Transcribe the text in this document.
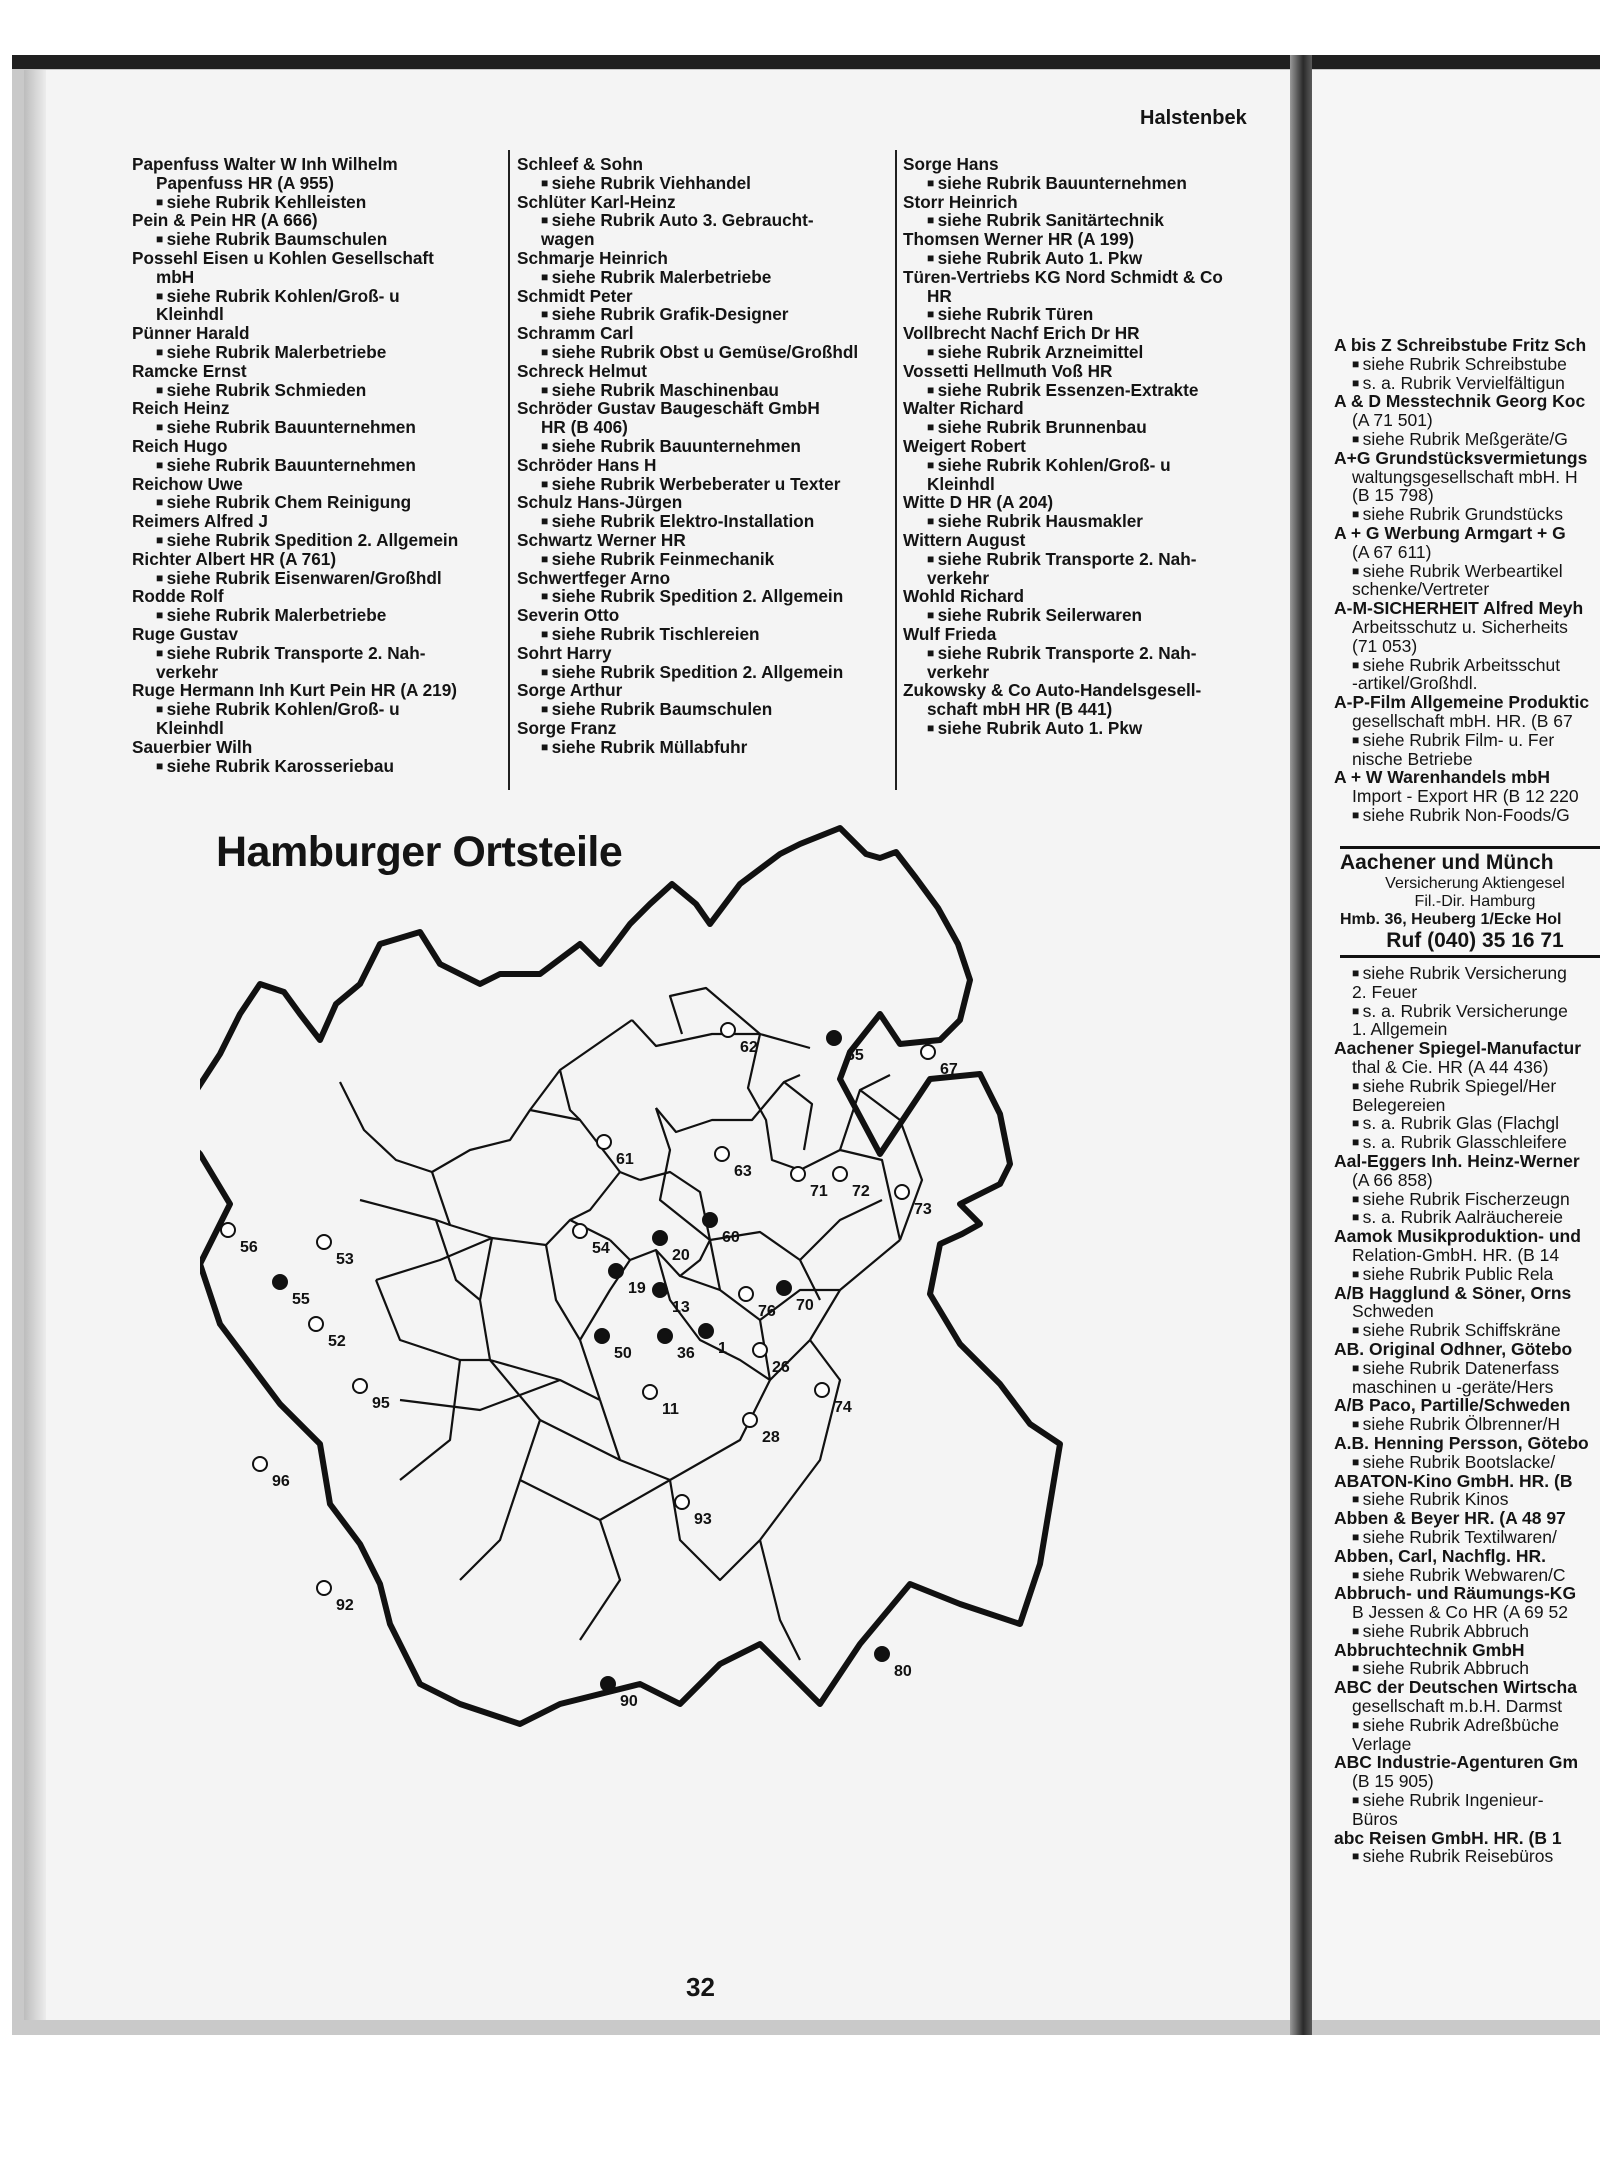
Halstenbek
Papenfuss Walter W Inh Wilhelm
Papenfuss HR (A 955)
■ siehe Rubrik Kehlleisten
Pein & Pein HR (A 666)
■ siehe Rubrik Baumschulen
Possehl Eisen u Kohlen Gesellschaft
mbH
■ siehe Rubrik Kohlen/Groß- u
Kleinhdl
Pünner Harald
■ siehe Rubrik Malerbetriebe
Ramcke Ernst
■ siehe Rubrik Schmieden
Reich Heinz
■ siehe Rubrik Bauunternehmen
Reich Hugo
■ siehe Rubrik Bauunternehmen
Reichow Uwe
■ siehe Rubrik Chem Reinigung
Reimers Alfred J
■ siehe Rubrik Spedition 2. Allgemein
Richter Albert HR (A 761)
■ siehe Rubrik Eisenwaren/Großhdl
Rodde Rolf
■ siehe Rubrik Malerbetriebe
Ruge Gustav
■ siehe Rubrik Transporte 2. Nah-
verkehr
Ruge Hermann Inh Kurt Pein HR (A 219)
■ siehe Rubrik Kohlen/Groß- u
Kleinhdl
Sauerbier Wilh
■ siehe Rubrik Karosseriebau
Schleef & Sohn
■ siehe Rubrik Viehhandel
Schlüter Karl-Heinz
■ siehe Rubrik Auto 3. Gebraucht-
wagen
Schmarje Heinrich
■ siehe Rubrik Malerbetriebe
Schmidt Peter
■ siehe Rubrik Grafik-Designer
Schramm Carl
■ siehe Rubrik Obst u Gemüse/Großhdl
Schreck Helmut
■ siehe Rubrik Maschinenbau
Schröder Gustav Baugeschäft GmbH
HR (B 406)
■ siehe Rubrik Bauunternehmen
Schröder Hans H
■ siehe Rubrik Werbeberater u Texter
Schulz Hans-Jürgen
■ siehe Rubrik Elektro-Installation
Schwartz Werner HR
■ siehe Rubrik Feinmechanik
Schwertfeger Arno
■ siehe Rubrik Spedition 2. Allgemein
Severin Otto
■ siehe Rubrik Tischlereien
Sohrt Harry
■ siehe Rubrik Spedition 2. Allgemein
Sorge Arthur
■ siehe Rubrik Baumschulen
Sorge Franz
■ siehe Rubrik Müllabfuhr
Sorge Hans
■ siehe Rubrik Bauunternehmen
Storr Heinrich
■ siehe Rubrik Sanitärtechnik
Thomsen Werner HR (A 199)
■ siehe Rubrik Auto 1. Pkw
Türen-Vertriebs KG Nord Schmidt & Co
HR
■ siehe Rubrik Türen
Vollbrecht Nachf Erich Dr HR
■ siehe Rubrik Arzneimittel
Vossetti Hellmuth Voß HR
■ siehe Rubrik Essenzen-Extrakte
Walter Richard
■ siehe Rubrik Brunnenbau
Weigert Robert
■ siehe Rubrik Kohlen/Groß- u
Kleinhdl
Witte D HR (A 204)
■ siehe Rubrik Hausmakler
Wittern August
■ siehe Rubrik Transporte 2. Nah-
verkehr
Wohld Richard
■ siehe Rubrik Seilerwaren
Wulf Frieda
■ siehe Rubrik Transporte 2. Nah-
verkehr
Zukowsky & Co Auto-Handelsgesell-
schaft mbH HR (B 441)
■ siehe Rubrik Auto 1. Pkw
62	65
67
61
63
71 72
73
56
53
54
60
20
55
19
13	76 70
52
50	36 1
26
11	74
95
28
96
93
92
80
90
Hamburger Ortsteile
32
A bis Z Schreibstube Fritz Sch
■ siehe Rubrik Schreibstube
■ s. a. Rubrik Vervielfältigun
A & D Messtechnik Georg Koc
(A 71 501)
■ siehe Rubrik Meßgeräte/G
A+G Grundstücksvermietungs
waltungsgesellschaft mbH. H
(B 15 798)
■ siehe Rubrik Grundstücks
A + G Werbung Armgart + G
(A 67 611)
■ siehe Rubrik Werbeartikel
schenke/Vertreter
A-M-SICHERHEIT Alfred Meyh
Arbeitsschutz u. Sicherheits
(71 053)
■ siehe Rubrik Arbeitsschut
-artikel/Großhdl.
A-P-Film Allgemeine Produktic
gesellschaft mbH. HR. (B 67
■ siehe Rubrik Film- u. Fer
nische Betriebe
A + W Warenhandels mbH
Import - Export HR (B 12 220
■ siehe Rubrik Non-Foods/G
Aachener und Münch
Versicherung Aktiengesel
Fil.-Dir. Hamburg
Hmb. 36, Heuberg 1/Ecke Hol
Ruf (040) 35 16 71
■ siehe Rubrik Versicherung
2. Feuer
■ s. a. Rubrik Versicherunge
1. Allgemein
Aachener Spiegel-Manufactur
thal & Cie. HR (A 44 436)
■ siehe Rubrik Spiegel/Her
Belegereien
■ s. a. Rubrik Glas (Flachgl
■ s. a. Rubrik Glasschleifere
Aal-Eggers Inh. Heinz-Werner
(A 66 858)
■ siehe Rubrik Fischerzeugn
■ s. a. Rubrik Aalräuchereie
Aamok Musikproduktion- und
Relation-GmbH. HR. (B 14
■ siehe Rubrik Public Rela
A/B Hagglund & Söner, Orns
Schweden
■ siehe Rubrik Schiffskräne
AB. Original Odhner, Götebo
■ siehe Rubrik Datenerfass
maschinen u -geräte/Hers
A/B Paco, Partille/Schweden
■ siehe Rubrik Ölbrenner/H
A.B. Henning Persson, Götebo
■ siehe Rubrik Bootslacke/
ABATON-Kino GmbH. HR. (B
■ siehe Rubrik Kinos
Abben & Beyer HR. (A 48 97
■ siehe Rubrik Textilwaren/
Abben, Carl, Nachflg. HR.
■ siehe Rubrik Webwaren/C
Abbruch- und Räumungs-KG
B Jessen & Co HR (A 69 52
■ siehe Rubrik Abbruch
Abbruchtechnik GmbH
■ siehe Rubrik Abbruch
ABC der Deutschen Wirtscha
gesellschaft m.b.H. Darmst
■ siehe Rubrik Adreßbüche
Verlage
ABC Industrie-Agenturen Gm
(B 15 905)
■ siehe Rubrik Ingenieur-
Büros
abc Reisen GmbH. HR. (B 1
■ siehe Rubrik Reisebüros
